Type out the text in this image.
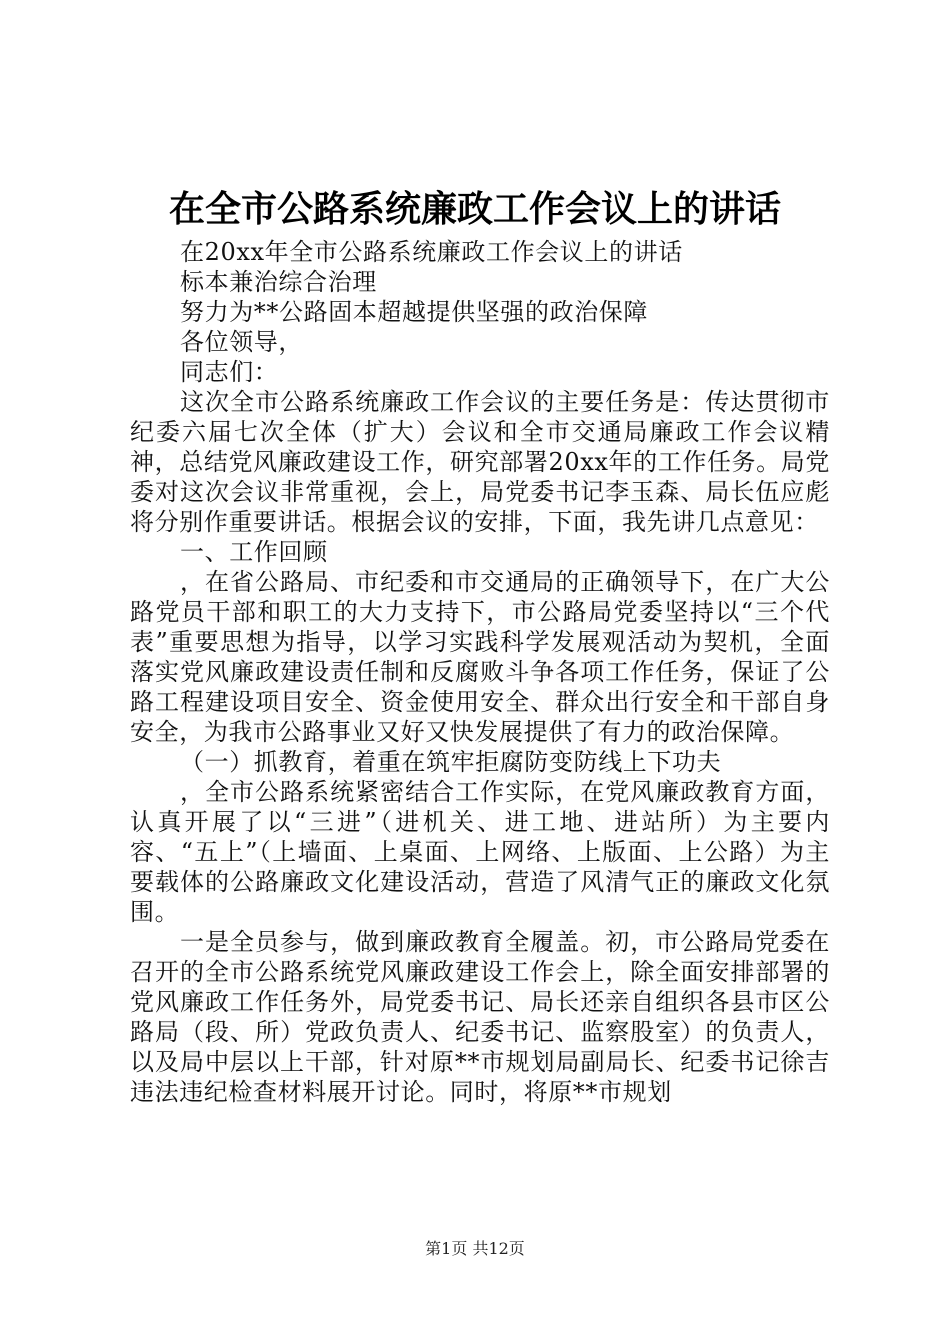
在全市公路系统廉政工作会议上的讲话

在20xx年全市公路系统廉政工作会议上的讲话

标本兼治综合治理

努力为**公路固本超越提供坚强的政治保障

各位领导，

同志们：

这次全市公路系统廉政工作会议的主要任务是：传达贯彻市纪委六届七次全体（扩大）会议和全市交通局廉政工作会议精神，总结党风廉政建设工作，研究部署20xx年的工作任务。局党委对这次会议非常重视，会上，局党委书记李玉森、局长伍应彪将分别作重要讲话。根据会议的安排，下面，我先讲几点意见：

一、工作回顾

，在省公路局、市纪委和市交通局的正确领导下，在广大公路党员干部和职工的大力支持下，市公路局党委坚持以“三个代表”重要思想为指导，以学习实践科学发展观活动为契机，全面落实党风廉政建设责任制和反腐败斗争各项工作任务，保证了公路工程建设项目安全、资金使用安全、群众出行安全和干部自身安全，为我市公路事业又好又快发展提供了有力的政治保障。

（一）抓教育，着重在筑牢拒腐防变防线上下功夫

，全市公路系统紧密结合工作实际，在党风廉政教育方面，认真开展了以“三进”（进机关、进工地、进站所）为主要内容、“五上”（上墙面、上桌面、上网络、上版面、上公路）为主要载体的公路廉政文化建设活动，营造了风清气正的廉政文化氛围。

一是全员参与，做到廉政教育全履盖。初，市公路局党委在召开的全市公路系统党风廉政建设工作会上，除全面安排部署的党风廉政工作任务外，局党委书记、局长还亲自组织各县市区公路局（段、所）党政负责人、纪委书记、监察股室）的负责人，以及局中层以上干部，针对原**市规划局副局长、纪委书记徐吉违法违纪检查材料展开讨论。同时，将原**市规划

第1页 共12页
